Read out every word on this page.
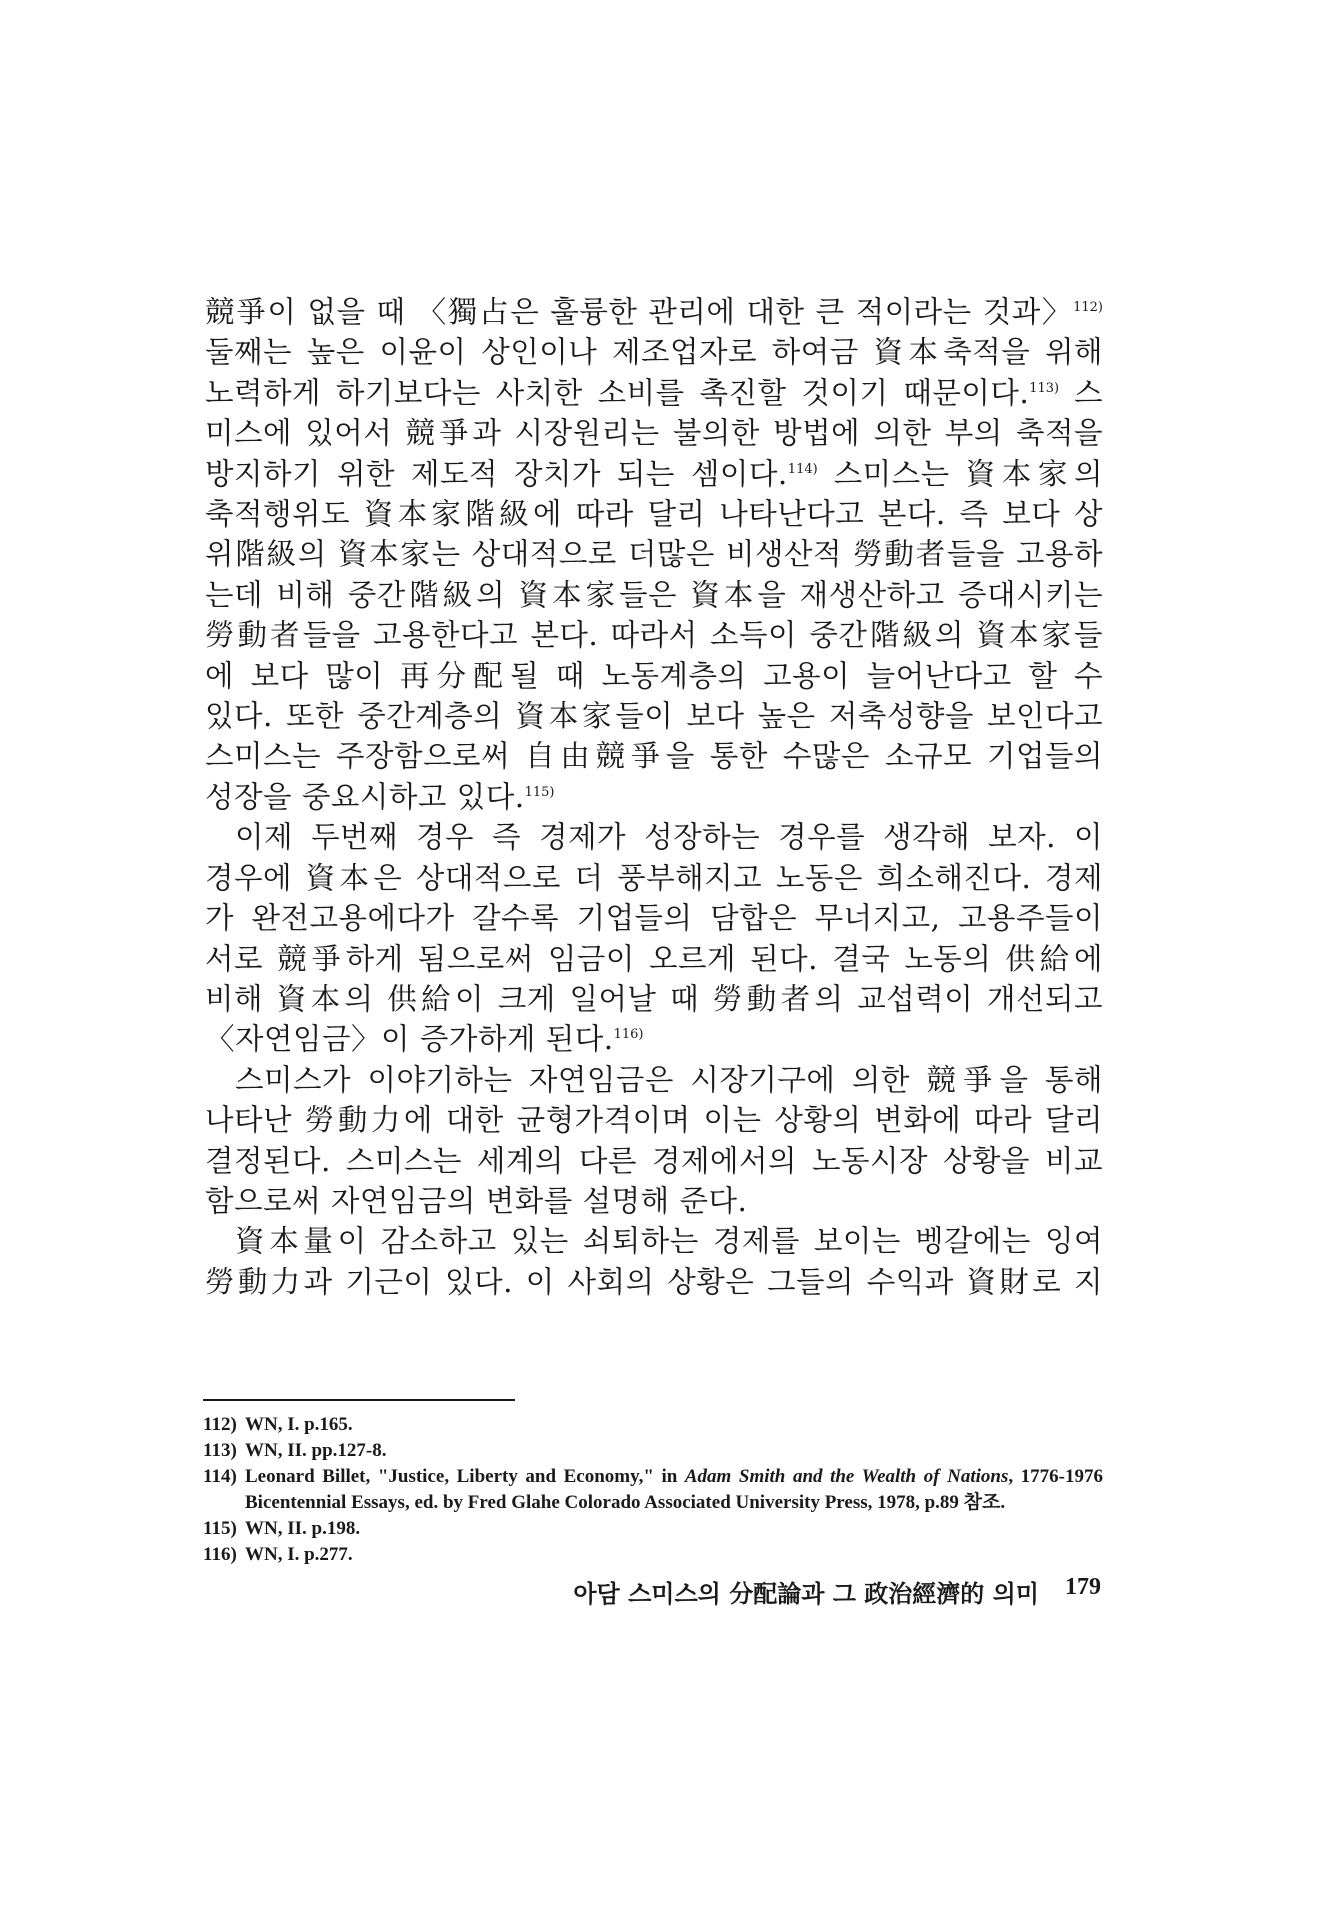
競爭이 없을 때 〈獨占은 훌륭한 관리에 대한 큰 적이라는 것과〉$^{112)}$
둘째는 높은 이윤이 상인이나 제조업자로 하여금 資本축적을 위해
노력하게 하기보다는 사치한 소비를 촉진할 것이기 때문이다.$^{113)}$ 스
미스에 있어서 競爭과 시장원리는 불의한 방법에 의한 부의 축적을
방지하기 위한 제도적 장치가 되는 셈이다.$^{114)}$ 스미스는 資本家의
축적행위도 資本家階級에 따라 달리 나타난다고 본다. 즉 보다 상
위階級의 資本家는 상대적으로 더많은 비생산적 勞動者들을 고용하
는데 비해 중간階級의 資本家들은 資本을 재생산하고 증대시키는
勞動者들을 고용한다고 본다. 따라서 소득이 중간階級의 資本家들
에 보다 많이 再分配될 때 노동계층의 고용이 늘어난다고 할 수
있다. 또한 중간계층의 資本家들이 보다 높은 저축성향을 보인다고
스미스는 주장함으로써 自由競爭을 통한 수많은 소규모 기업들의
성장을 중요시하고 있다.$^{115)}$

이제 두번째 경우 즉 경제가 성장하는 경우를 생각해 보자. 이
경우에 資本은 상대적으로 더 풍부해지고 노동은 희소해진다. 경제
가 완전고용에다가 갈수록 기업들의 담합은 무너지고, 고용주들이
서로 競爭하게 됨으로써 임금이 오르게 된다. 결국 노동의 供給에
비해 資本의 供給이 크게 일어날 때 勞動者의 교섭력이 개선되고
〈자연임금〉이 증가하게 된다.$^{116)}$

스미스가 이야기하는 자연임금은 시장기구에 의한 競爭을 통해
나타난 勞動力에 대한 균형가격이며 이는 상황의 변화에 따라 달리
결정된다. 스미스는 세계의 다른 경제에서의 노동시장 상황을 비교
함으로써 자연임금의 변화를 설명해 준다.

資本量이 감소하고 있는 쇠퇴하는 경제를 보이는 벵갈에는 잉여
勞動力과 기근이 있다. 이 사회의 상황은 그들의 수익과 資財로 지

112) WN, I. p.165.
113) WN, II. pp.127-8.
114) Leonard Billet, "Justice, Liberty and Economy," in Adam Smith and the Wealth of Nations, 1776-1976 Bicentennial Essays, ed. by Fred Glahe Colorado Associated University Press, 1978, p.89 참조.
115) WN, II. p.198.
116) WN, I. p.277.
아담 스미스의 分配論과 그 政治經濟的 의미 179
